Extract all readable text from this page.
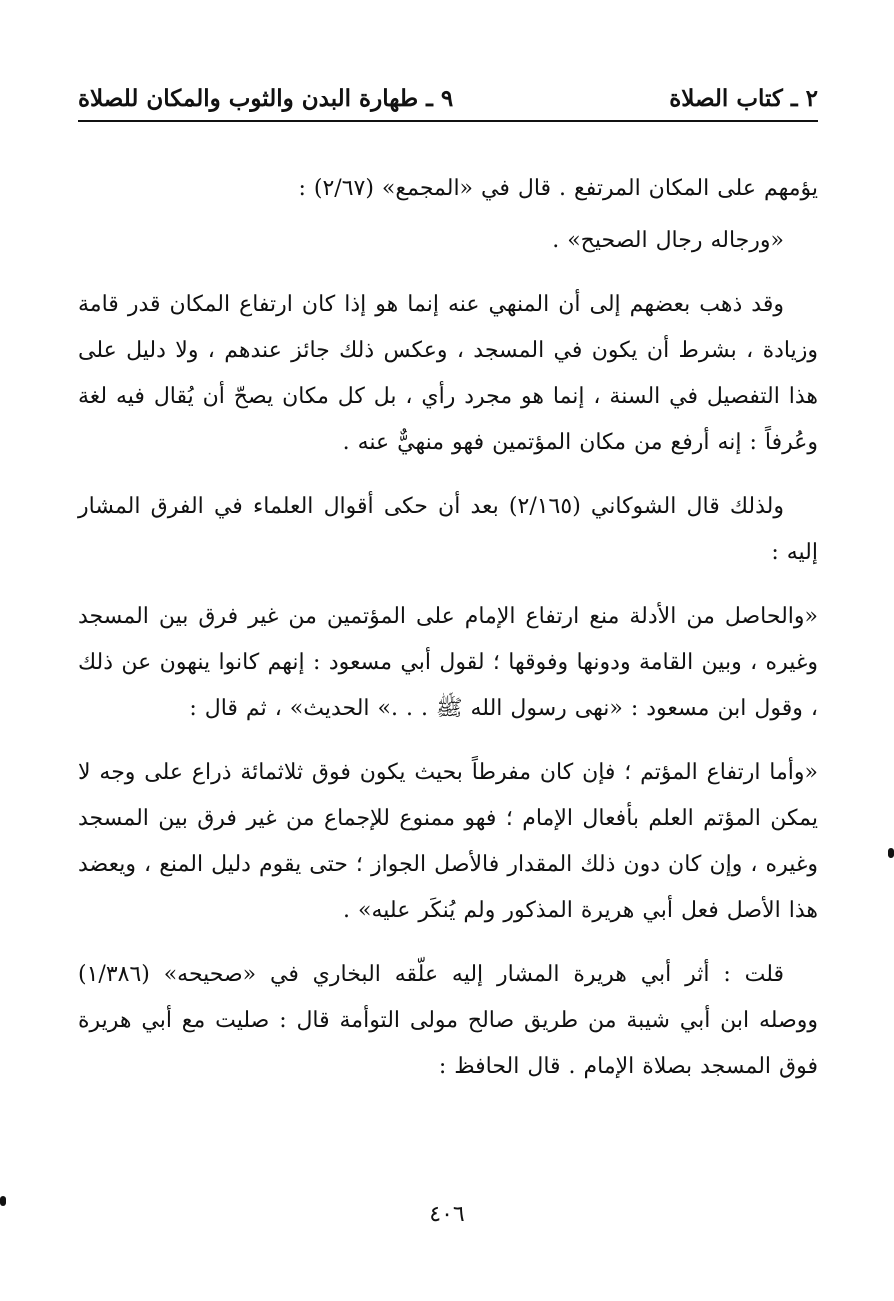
٢ ـ كتاب الصلاة
٩ ـ طهارة البدن والثوب والمكان للصلاة

يؤمهم على المكان المرتفع . قال في «المجمع» (٢/٦٧) :

«ورجاله رجال الصحيح» .

وقد ذهب بعضهم إلى أن المنهي عنه إنما هو إذا كان ارتفاع المكان قدر قامة وزيادة ، بشرط أن يكون في المسجد ، وعكس ذلك جائز عندهم ، ولا دليل على هذا التفصيل في السنة ، إنما هو مجرد رأي ، بل كل مكان يصحّ أن يُقال فيه لغة وعُرفاً : إنه أرفع من مكان المؤتمين فهو منهيٌّ عنه .

ولذلك قال الشوكاني (٢/١٦٥) بعد أن حكى أقوال العلماء في الفرق المشار إليه :

«والحاصل من الأدلة منع ارتفاع الإمام على المؤتمين من غير فرق بين المسجد وغيره ، وبين القامة ودونها وفوقها ؛ لقول أبي مسعود : إنهم كانوا ينهون عن ذلك ، وقول ابن مسعود : «نهى رسول الله ﷺ . . .» الحديث» ، ثم قال :

«وأما ارتفاع المؤتم ؛ فإن كان مفرطاً بحيث يكون فوق ثلاثمائة ذراع على وجه لا يمكن المؤتم العلم بأفعال الإمام ؛ فهو ممنوع للإجماع من غير فرق بين المسجد وغيره ، وإن كان دون ذلك المقدار فالأصل الجواز ؛ حتى يقوم دليل المنع ، ويعضد هذا الأصل فعل أبي هريرة المذكور ولم يُنكَر عليه» .

قلت : أثر أبي هريرة المشار إليه علّقه البخاري في «صحيحه» (١/٣٨٦) ووصله ابن أبي شيبة من طريق صالح مولى التوأمة قال : صليت مع أبي هريرة فوق المسجد بصلاة الإمام . قال الحافظ :

٤٠٦
